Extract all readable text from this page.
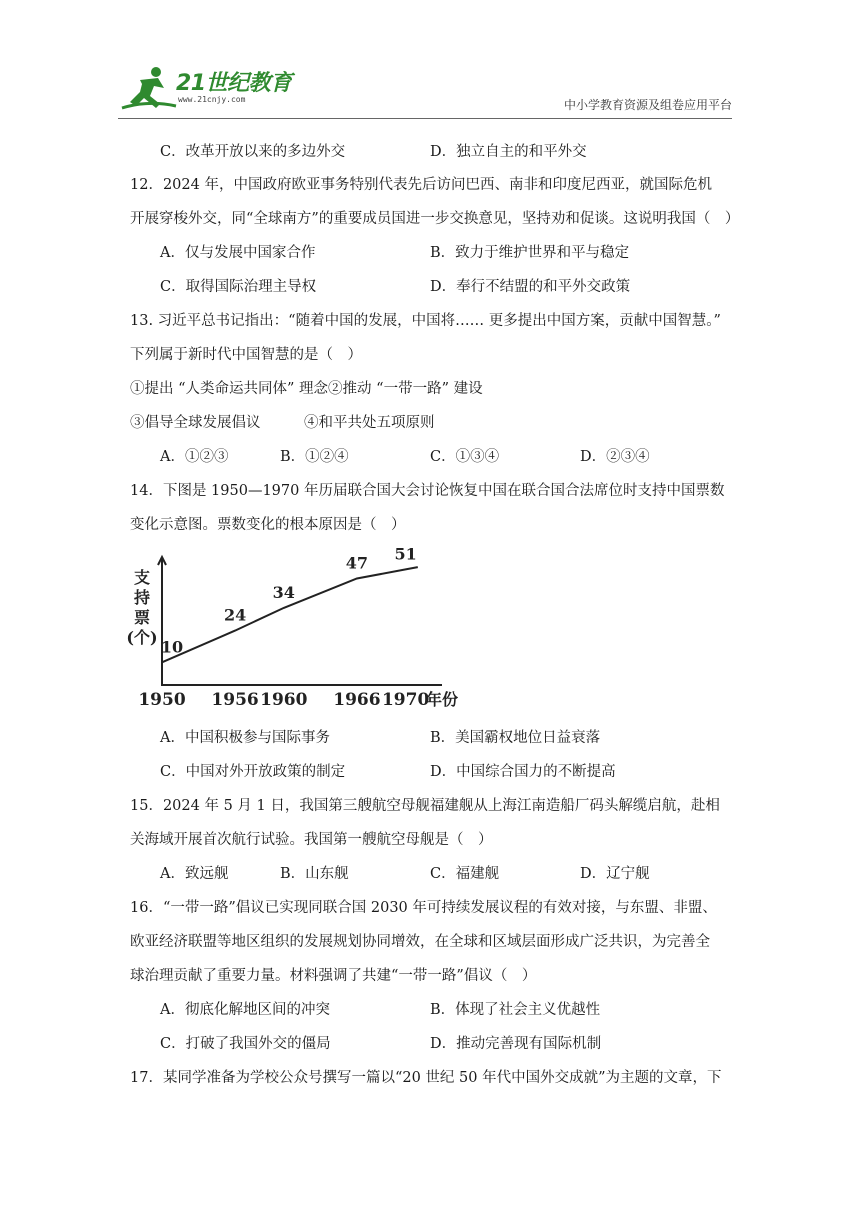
21世纪教育
www.21cnjy.com	中小学教育资源及组卷应用平台
C．改革开放以来的多边外交	D．独立自主的和平外交
12．2024 年，中国政府欧亚事务特别代表先后访问巴西、南非和印度尼西亚，就国际危机
开展穿梭外交，同“全球南方”的重要成员国进一步交换意见，坚持劝和促谈。这说明我国（　）
A．仅与发展中国家合作	B．致力于维护世界和平与稳定
C．取得国际治理主导权	D．奉行不结盟的和平外交政策
13. 习近平总书记指出：“随着中国的发展，中国将…… 更多提出中国方案，贡献中国智慧。”
下列属于新时代中国智慧的是（　）
①提出 “人类命运共同体” 理念②推动 “一带一路” 建设
③倡导全球发展倡议　　　④和平共处五项原则
A．①②③	B．①②④	C．①③④	D．②③④
14．下图是 1950—1970 年历届联合国大会讨论恢复中国在联合国合法席位时支持中国票数
变化示意图。票数变化的根本原因是（　）
支
持
票
(个) 10
24
34
47 51
1950 1956 1960 1966 1970
年份
A．中国积极参与国际事务	B．美国霸权地位日益衰落
C．中国对外开放政策的制定	D．中国综合国力的不断提高
15．2024 年 5 月 1 日，我国第三艘航空母舰福建舰从上海江南造船厂码头解缆启航，赴相
关海域开展首次航行试验。我国第一艘航空母舰是（　）
A．致远舰	B．山东舰	C．福建舰	D．辽宁舰
16．“一带一路”倡议已实现同联合国 2030 年可持续发展议程的有效对接，与东盟、非盟、
欧亚经济联盟等地区组织的发展规划协同增效，在全球和区域层面形成广泛共识，为完善全
球治理贡献了重要力量。材料强调了共建“一带一路”倡议（　）
A．彻底化解地区间的冲突	B．体现了社会主义优越性
C．打破了我国外交的僵局	D．推动完善现有国际机制
17．某同学准备为学校公众号撰写一篇以“20 世纪 50 年代中国外交成就”为主题的文章，下
